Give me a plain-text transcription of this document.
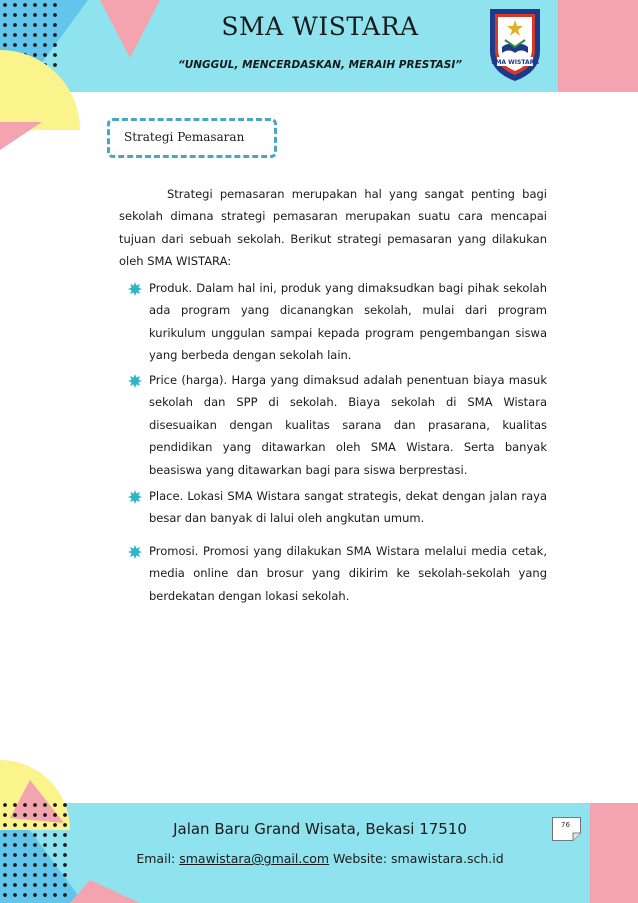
SMA WISTARA
“UNGGUL, MENCERDASKAN, MERAIH PRESTASI”	SMA WISTARA
Strategi Pemasaran

Strategi pemasaran merupakan hal yang sangat penting bagi sekolah dimana strategi pemasaran merupakan suatu cara mencapai tujuan dari sebuah sekolah. Berikut strategi pemasaran yang dilakukan oleh SMA WISTARA:

Produk. Dalam hal ini, produk yang dimaksudkan bagi pihak sekolah ada program yang dicanangkan sekolah, mulai dari program kurikulum unggulan sampai kepada program pengembangan siswa yang berbeda dengan sekolah lain.

Price (harga). Harga yang dimaksud adalah penentuan biaya masuk sekolah dan SPP di sekolah. Biaya sekolah di SMA Wistara disesuaikan dengan kualitas sarana dan prasarana, kualitas pendidikan yang ditawarkan oleh SMA Wistara. Serta banyak beasiswa yang ditawarkan bagi para siswa berprestasi.

Place. Lokasi SMA Wistara sangat strategis, dekat dengan jalan raya besar dan banyak di lalui oleh angkutan umum.

Promosi. Promosi yang dilakukan SMA Wistara melalui media cetak, media online dan brosur yang dikirim ke sekolah-sekolah yang berdekatan dengan lokasi sekolah.

Jalan Baru Grand Wisata, Bekasi 17510
Email: smawistara@gmail.com Website: smawistara.sch.id
76
